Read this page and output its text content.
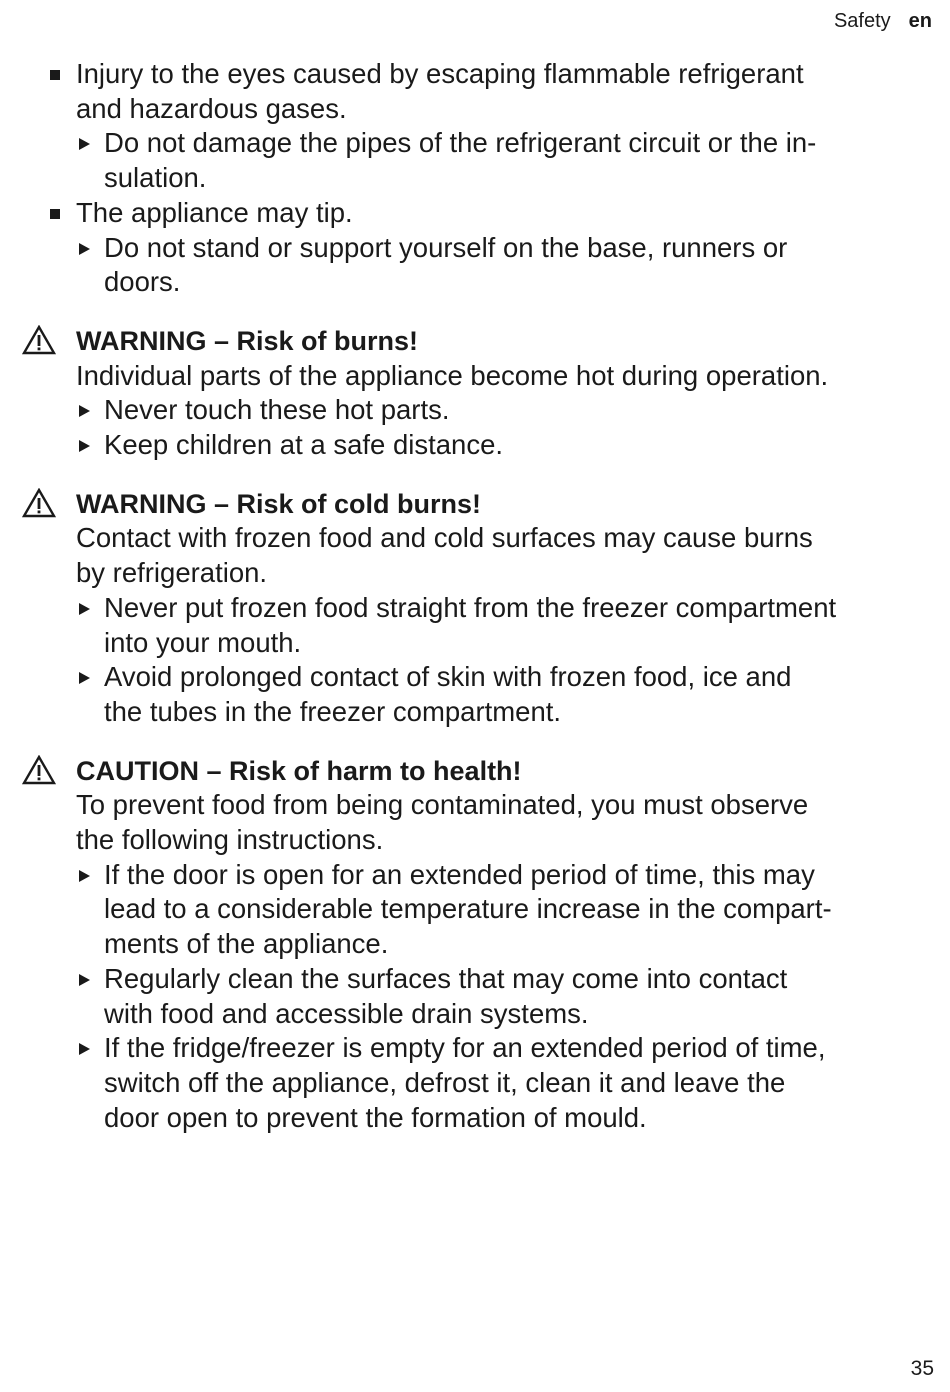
Safety en
Injury to the eyes caused by escaping flammable refrigerant
and hazardous gases.
Do not damage the pipes of the refrigerant circuit or the in-
sulation.
The appliance may tip.
Do not stand or support yourself on the base, runners or
doors.
WARNING – Risk of burns!
Individual parts of the appliance become hot during operation.
Never touch these hot parts.
Keep children at a safe distance.
WARNING – Risk of cold burns!
Contact with frozen food and cold surfaces may cause burns
by refrigeration.
Never put frozen food straight from the freezer compartment
into your mouth.
Avoid prolonged contact of skin with frozen food, ice and
the tubes in the freezer compartment.
CAUTION – Risk of harm to health!
To prevent food from being contaminated, you must observe
the following instructions.
If the door is open for an extended period of time, this may
lead to a considerable temperature increase in the compart-
ments of the appliance.
Regularly clean the surfaces that may come into contact
with food and accessible drain systems.
If the fridge/freezer is empty for an extended period of time,
switch off the appliance, defrost it, clean it and leave the
door open to prevent the formation of mould.
35
